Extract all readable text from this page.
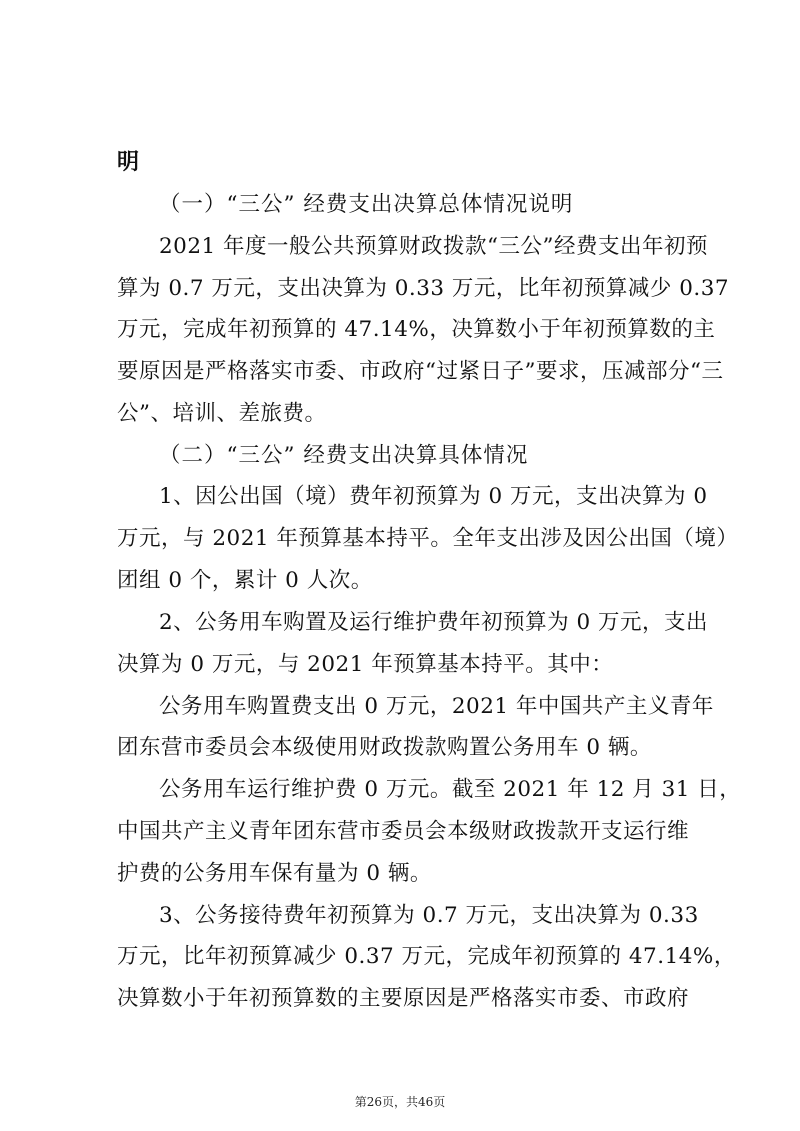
明
（一）“三公” 经费支出决算总体情况说明
2021 年度一般公共预算财政拨款“三公”经费支出年初预
算为 0.7 万元，支出决算为 0.33 万元，比年初预算减少 0.37
万元，完成年初预算的 47.14%，决算数小于年初预算数的主
要原因是严格落实市委、市政府“过紧日子”要求，压减部分“三
公”、培训、差旅费。
（二）“三公” 经费支出决算具体情况
1、因公出国（境）费年初预算为 0 万元，支出决算为 0
万元，与 2021 年预算基本持平。全年支出涉及因公出国（境）
团组 0 个，累计 0 人次。
2、公务用车购置及运行维护费年初预算为 0 万元，支出
决算为 0 万元，与 2021 年预算基本持平。其中：
公务用车购置费支出 0 万元，2021 年中国共产主义青年
团东营市委员会本级使用财政拨款购置公务用车 0 辆。
公务用车运行维护费 0 万元。截至 2021 年 12 月 31 日，
中国共产主义青年团东营市委员会本级财政拨款开支运行维
护费的公务用车保有量为 0 辆。
3、公务接待费年初预算为 0.7 万元，支出决算为 0.33
万元，比年初预算减少 0.37 万元，完成年初预算的 47.14%，
决算数小于年初预算数的主要原因是严格落实市委、市政府
第26页，共46页
